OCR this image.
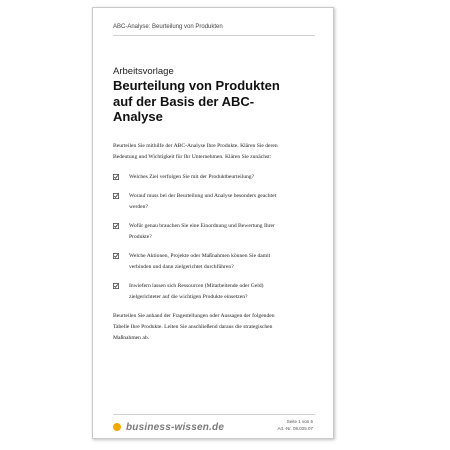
ABC-Analyse: Beurteilung von Produkten
Arbeitsvorlage
Beurteilung von Produkten
auf der Basis der ABC-
Analyse

Beurteilen Sie mithilfe der ABC-Analyse Ihre Produkte. Klären Sie deren
Bedeutung und Wichtigkeit für Ihr Unternehmen. Klären Sie zunächst:

Welches Ziel verfolgen Sie mit der Produktbeurteilung?
Worauf muss bei der Beurteilung und Analyse besonders geachtet
werden?
Wofür genau brauchen Sie eine Einordnung und Bewertung Ihrer
Produkte?
Welche Aktionen, Projekte oder Maßnahmen können Sie damit
verbinden und dann zielgerichtet durchführen?
Inwiefern lassen sich Ressourcen (Mitarbeitende oder Geld)
zielgerichteter auf die wichtigen Produkte einsetzen?

Beurteilen Sie anhand der Fragestellungen oder Aussagen der folgenden
Tabelle Ihre Produkte. Leiten Sie anschließend daraus die strategischen
Maßnahmen ab.

business-wissen.de	Seite 1 von 5
Art.-Nr. 08.025.07
